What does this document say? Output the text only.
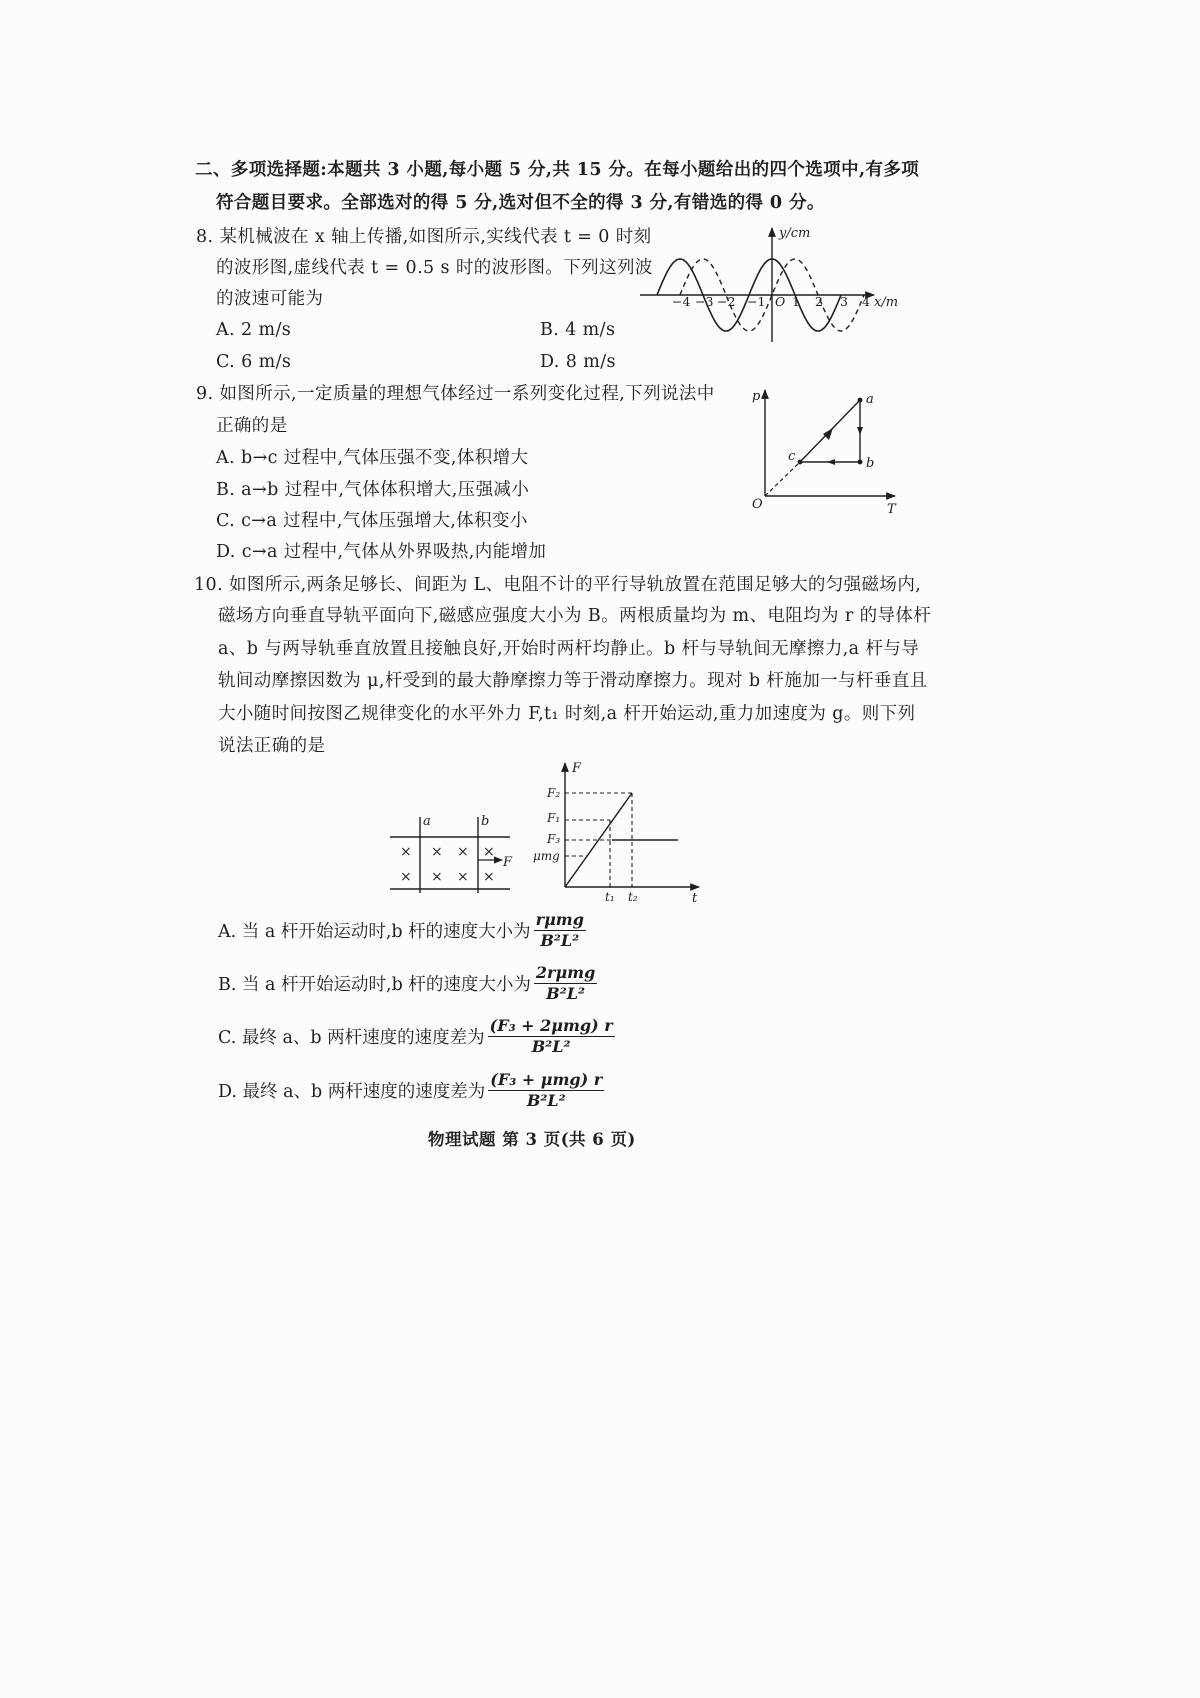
二、多项选择题:本题共 3 小题,每小题 5 分,共 15 分。在每小题给出的四个选项中,有多项
符合题目要求。全部选对的得 5 分,选对但不全的得 3 分,有错选的得 0 分。
8. 某机械波在 x 轴上传播,如图所示,实线代表 t = 0 时刻
的波形图,虚线代表 t = 0.5 s 时的波形图。下列这列波
的波速可能为
A. 2 m/s	B. 4 m/s
C. 6 m/s	D. 8 m/s
9. 如图所示,一定质量的理想气体经过一系列变化过程,下列说法中
正确的是
A. b→c 过程中,气体压强不变,体积增大
B. a→b 过程中,气体体积增大,压强减小
C. c→a 过程中,气体压强增大,体积变小
D. c→a 过程中,气体从外界吸热,内能增加
10. 如图所示,两条足够长、间距为 L、电阻不计的平行导轨放置在范围足够大的匀强磁场内,
磁场方向垂直导轨平面向下,磁感应强度大小为 B。两根质量均为 m、电阻均为 r 的导体杆
a、b 与两导轨垂直放置且接触良好,开始时两杆均静止。b 杆与导轨间无摩擦力,a 杆与导
轨间动摩擦因数为 μ,杆受到的最大静摩擦力等于滑动摩擦力。现对 b 杆施加一与杆垂直且
大小随时间按图乙规律变化的水平外力 F,t₁ 时刻,a 杆开始运动,重力加速度为 g。则下列
说法正确的是
A. 当 a 杆开始运动时,b 杆的速度大小为 $\frac{\text{rμmg}}{\text{B²L²}}$
B. 当 a 杆开始运动时,b 杆的速度大小为 $\frac{\text{2rμmg}}{\text{B²L²}}$
C. 最终 a、b 两杆速度的速度差为 $\frac{\text{(F₃ + 2μmg) r}}{\text{B²L²}}$
D. 最终 a、b 两杆速度的速度差为 $\frac{\text{(F₃ + μmg) r}}{\text{B²L²}}$
y/cm
x/m
−4 −3 −2 −1 O 1 2 3 4
p
T
O
a
b
c
a	b
F
× × × ×
× × × ×
F
t
F₂
F₁
F₃
μmg
t₁ t₂
物理试题 第 3 页(共 6 页)
